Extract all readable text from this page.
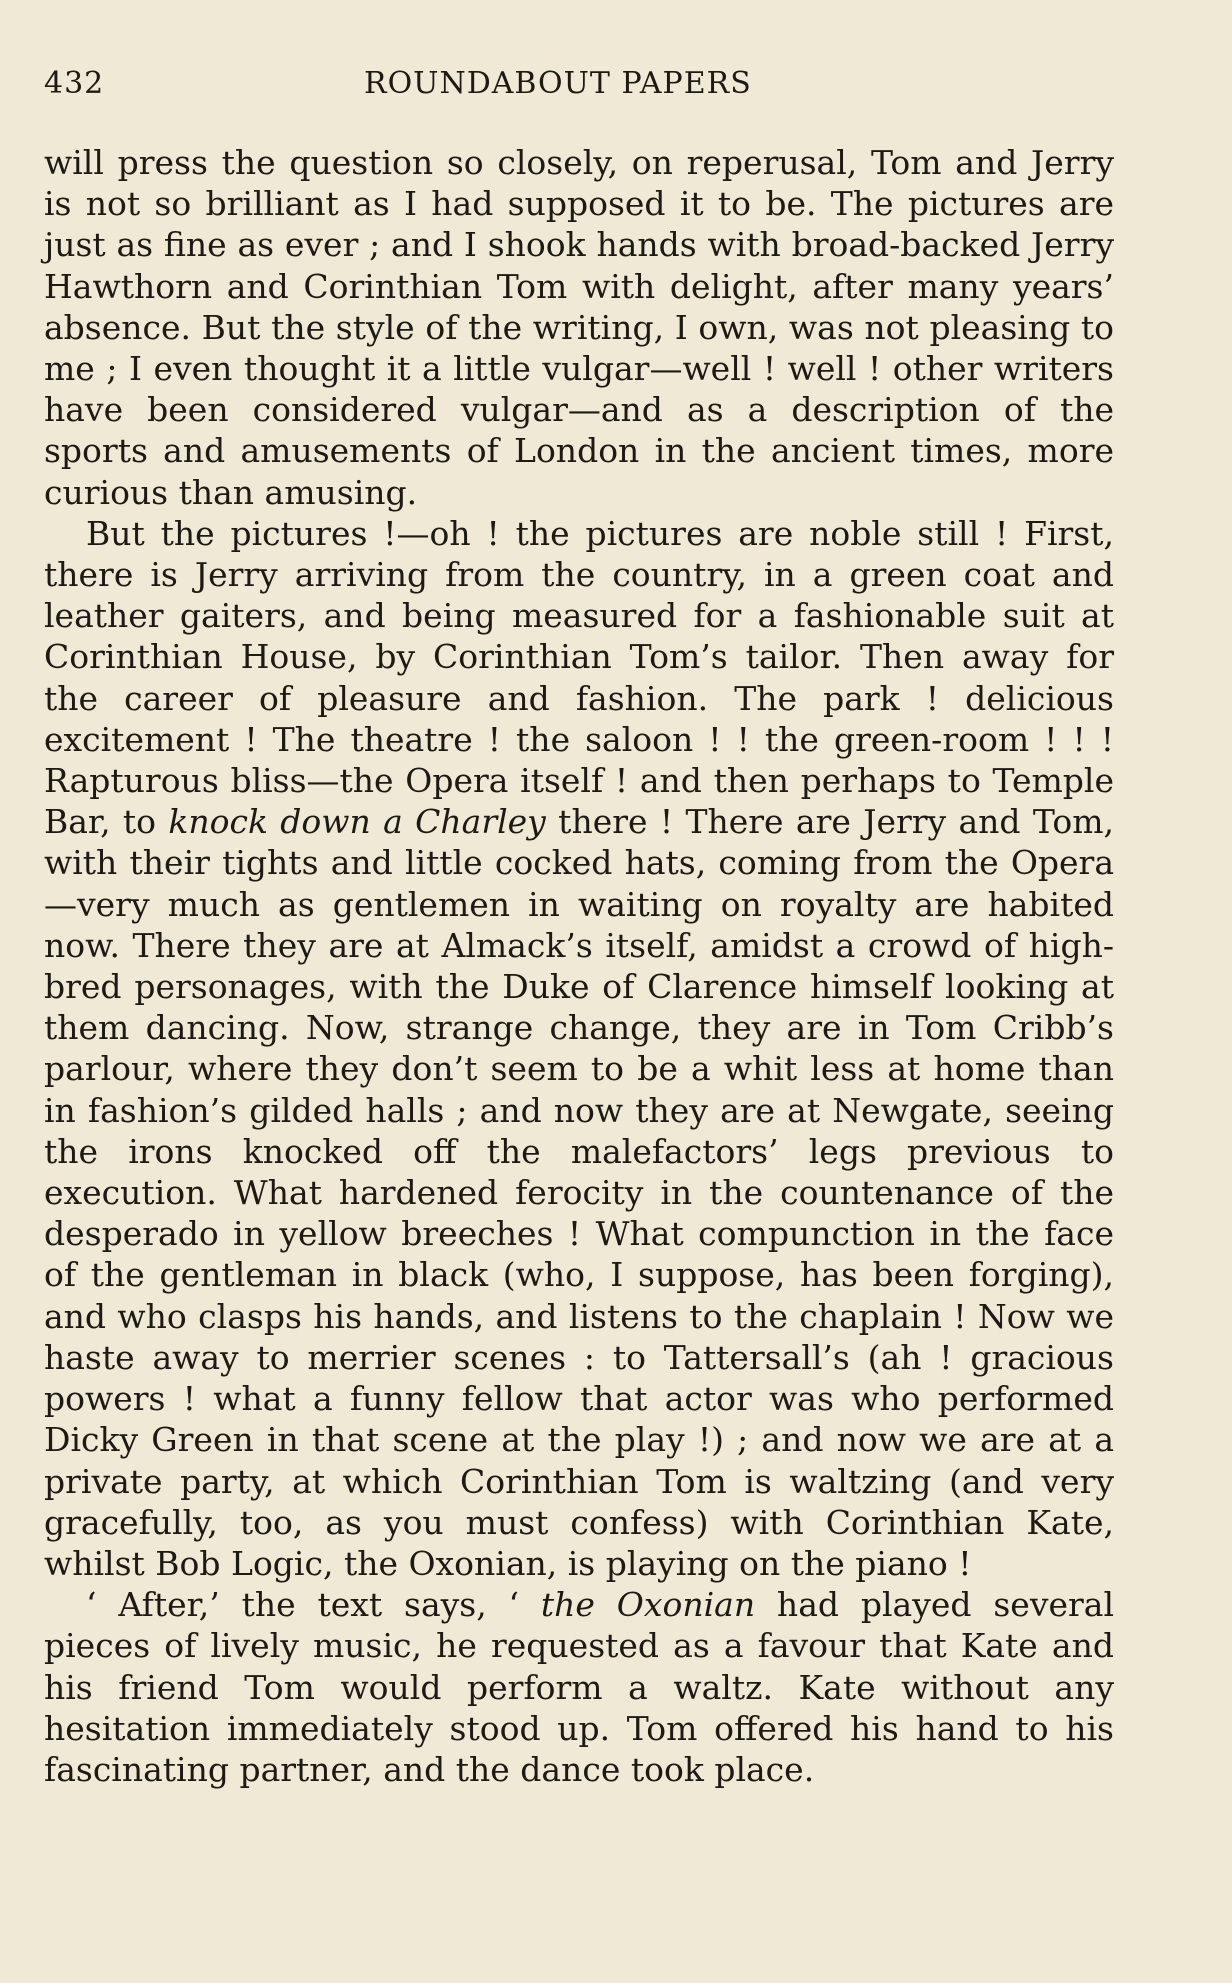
432	ROUNDABOUT PAPERS

will press the question so closely, on reperusal, Tom and Jerry is not so brilliant as I had supposed it to be. The pictures are just as fine as ever ; and I shook hands with broad-backed Jerry Hawthorn and Corinthian Tom with delight, after many years’ absence. But the style of the writing, I own, was not pleasing to me ; I even thought it a little vulgar—well ! well ! other writers have been considered vulgar—and as a description of the sports and amusements of London in the ancient times, more curious than amusing.

But the pictures !—oh ! the pictures are noble still ! First, there is Jerry arriving from the country, in a green coat and leather gaiters, and being measured for a fashionable suit at Corinthian House, by Corinthian Tom’s tailor. Then away for the career of pleasure and fashion. The park ! delicious excitement ! The theatre ! the saloon ! ! the green-room ! ! ! Rapturous bliss—the Opera itself ! and then perhaps to Temple Bar, to knock down a Charley there ! There are Jerry and Tom, with their tights and little cocked hats, coming from the Opera—very much as gentlemen in waiting on royalty are habited now. There they are at Almack’s itself, amidst a crowd of high-bred personages, with the Duke of Clarence himself looking at them dancing. Now, strange change, they are in Tom Cribb’s parlour, where they don’t seem to be a whit less at home than in fashion’s gilded halls ; and now they are at Newgate, seeing the irons knocked off the malefactors’ legs previous to execution. What hardened ferocity in the countenance of the desperado in yellow breeches ! What compunction in the face of the gentleman in black (who, I suppose, has been forging), and who clasps his hands, and listens to the chaplain ! Now we haste away to merrier scenes : to Tattersall’s (ah ! gracious powers ! what a funny fellow that actor was who performed Dicky Green in that scene at the play !) ; and now we are at a private party, at which Corinthian Tom is waltzing (and very gracefully, too, as you must confess) with Corinthian Kate, whilst Bob Logic, the Oxonian, is playing on the piano !

‘ After,’ the text says, ‘ the Oxonian had played several pieces of lively music, he requested as a favour that Kate and his friend Tom would perform a waltz. Kate without any hesitation immediately stood up. Tom offered his hand to his fascinating partner, and the dance took place.
